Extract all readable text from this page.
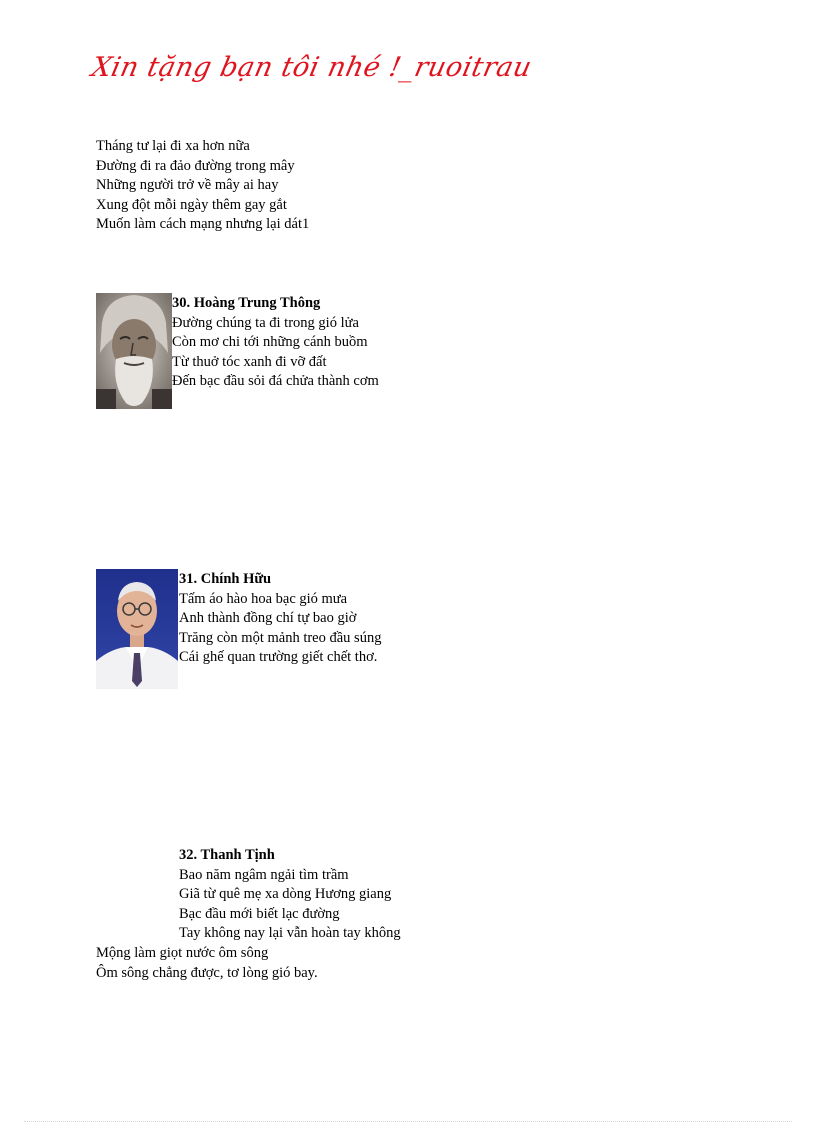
Xin tặng bạn tôi nhé !_ruoitrau
Tháng tư lại đi xa hơn nữa
Đường đi ra đảo đường trong mây
Những người trở về mây ai hay
Xung đột mỗi ngày thêm gay gắt
Muốn làm cách mạng nhưng lại dát1
30. Hoàng Trung Thông
Đường chúng ta đi trong gió lửa
Còn mơ chi tới những cánh buồm
Từ thuở tóc xanh đi vỡ đất
Đến bạc đầu sỏi đá chửa thành cơm
31. Chính Hữu
Tấm áo hào hoa bạc gió mưa
Anh thành đồng chí tự bao giờ
Trăng còn một mảnh treo đầu súng
Cái ghế quan trường giết chết thơ.
32. Thanh Tịnh
Bao năm ngâm ngải tìm trầm
Giã từ quê mẹ xa dòng Hương giang
Bạc đầu mới biết lạc đường
Tay không nay lại vẫn hoàn tay không
Mộng làm giọt nước ôm sông
Ôm sông chẳng được, tơ lòng gió bay.
